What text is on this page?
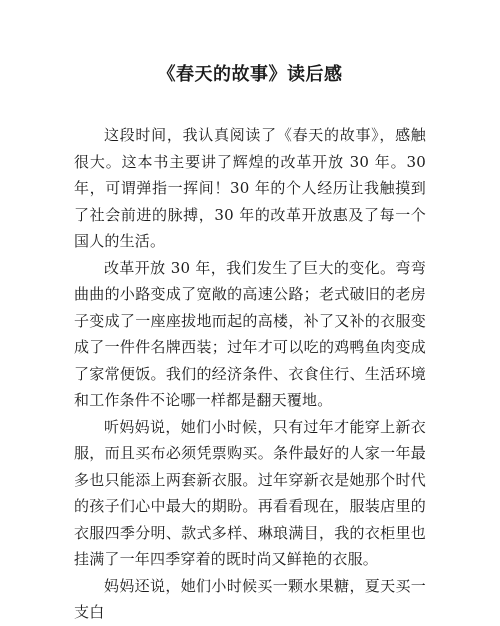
《春天的故事》读后感

这段时间，我认真阅读了《春天的故事》，感触很大。这本书主要讲了辉煌的改革开放 30 年。30 年，可谓弹指一挥间！30 年的个人经历让我触摸到了社会前进的脉搏，30 年的改革开放惠及了每一个国人的生活。

改革开放 30 年，我们发生了巨大的变化。弯弯曲曲的小路变成了宽敞的高速公路；老式破旧的老房子变成了一座座拔地而起的高楼，补了又补的衣服变成了一件件名牌西装；过年才可以吃的鸡鸭鱼肉变成了家常便饭。我们的经济条件、衣食住行、生活环境和工作条件不论哪一样都是翻天覆地。

听妈妈说，她们小时候，只有过年才能穿上新衣服，而且买布必须凭票购买。条件最好的人家一年最多也只能添上两套新衣服。过年穿新衣是她那个时代的孩子们心中最大的期盼。再看看现在，服装店里的衣服四季分明、款式多样、琳琅满目，我的衣柜里也挂满了一年四季穿着的既时尚又鲜艳的衣服。

妈妈还说，她们小时候买一颗水果糖，夏天买一支白
